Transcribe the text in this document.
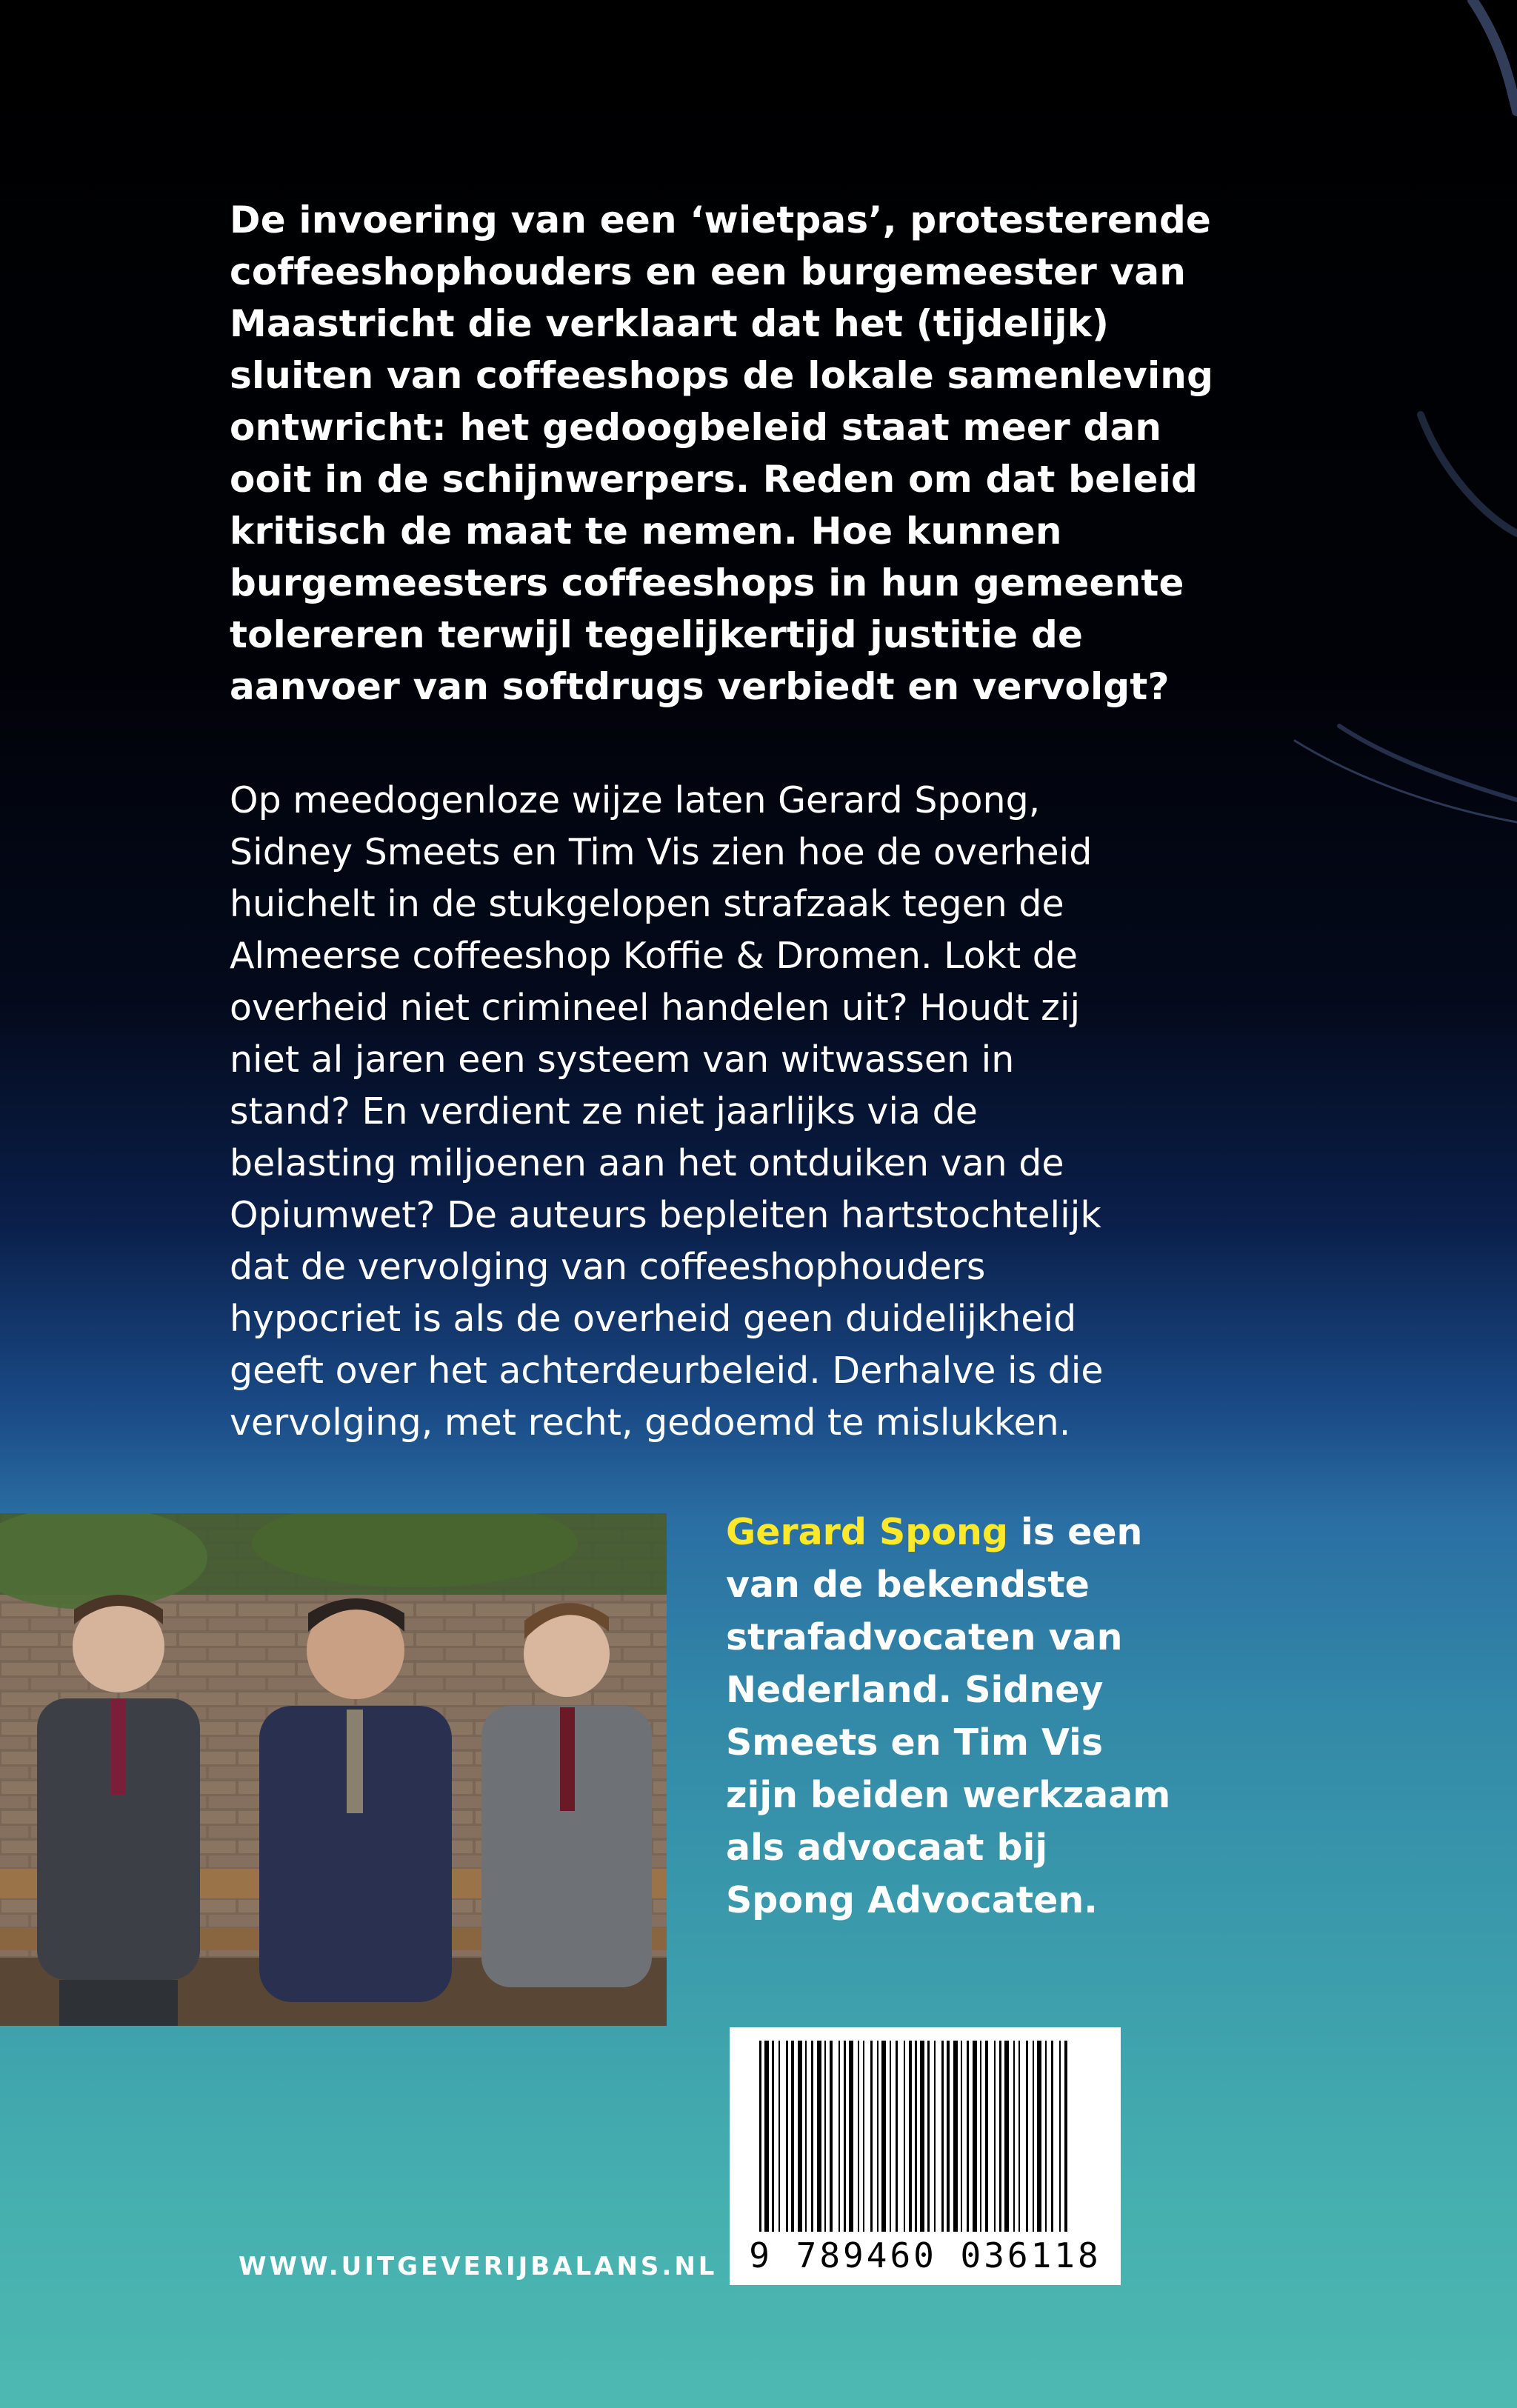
De invoering van een ‘wietpas’, protesterende
coffeeshophouders en een burgemeester van
Maastricht die verklaart dat het (tijdelijk)
sluiten van coffeeshops de lokale samenleving
ontwricht: het gedoogbeleid staat meer dan
ooit in de schijnwerpers. Reden om dat beleid
kritisch de maat te nemen. Hoe kunnen
burgemeesters coffeeshops in hun gemeente
tolereren terwijl tegelijkertijd justitie de
aanvoer van softdrugs verbiedt en vervolgt?

Op meedogenloze wijze laten Gerard Spong,
Sidney Smeets en Tim Vis zien hoe de overheid
huichelt in de stukgelopen strafzaak tegen de
Almeerse coffeeshop Koffie & Dromen. Lokt de
overheid niet crimineel handelen uit? Houdt zij
niet al jaren een systeem van witwassen in
stand? En verdient ze niet jaarlijks via de
belasting miljoenen aan het ontduiken van de
Opiumwet? De auteurs bepleiten hartstochtelijk
dat de vervolging van coffeeshophouders
hypocriet is als de overheid geen duidelijkheid
geeft over het achterdeurbeleid. Derhalve is die
vervolging, met recht, gedoemd te mislukken.

Gerard Spong is een
van de bekendste
strafadvocaten van
Nederland. Sidney
Smeets en Tim Vis
zijn beiden werkzaam
als advocaat bij
Spong Advocaten.

9 789460 036118
WWW.UITGEVERIJBALANS.NL
